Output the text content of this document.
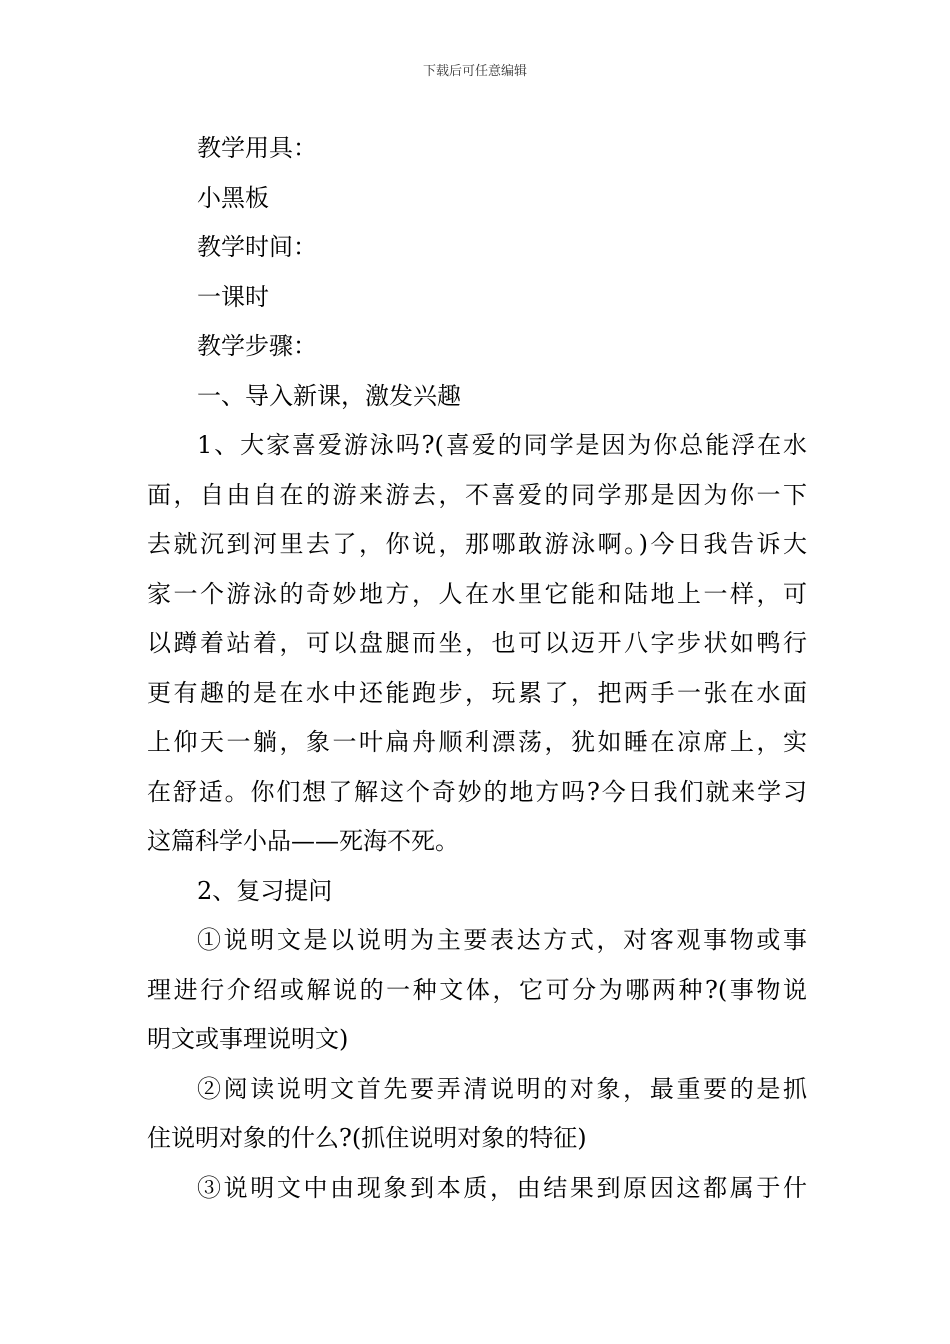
下载后可任意编辑
教学用具：
小黑板
教学时间：
一课时
教学步骤：
一、导入新课，激发兴趣
1、大家喜爱游泳吗?(喜爱的同学是因为你总能浮在水
面，自由自在的游来游去，不喜爱的同学那是因为你一下
去就沉到河里去了，你说，那哪敢游泳啊。)今日我告诉大
家一个游泳的奇妙地方，人在水里它能和陆地上一样，可
以蹲着站着，可以盘腿而坐，也可以迈开八字步状如鸭行
更有趣的是在水中还能跑步，玩累了，把两手一张在水面
上仰天一躺，象一叶扁舟顺利漂荡，犹如睡在凉席上，实
在舒适。你们想了解这个奇妙的地方吗?今日我们就来学习
这篇科学小品——死海不死。
2、复习提问
①说明文是以说明为主要表达方式，对客观事物或事
理进行介绍或解说的一种文体，它可分为哪两种?(事物说
明文或事理说明文)
②阅读说明文首先要弄清说明的对象，最重要的是抓
住说明对象的什么?(抓住说明对象的特征)
③说明文中由现象到本质，由结果到原因这都属于什
